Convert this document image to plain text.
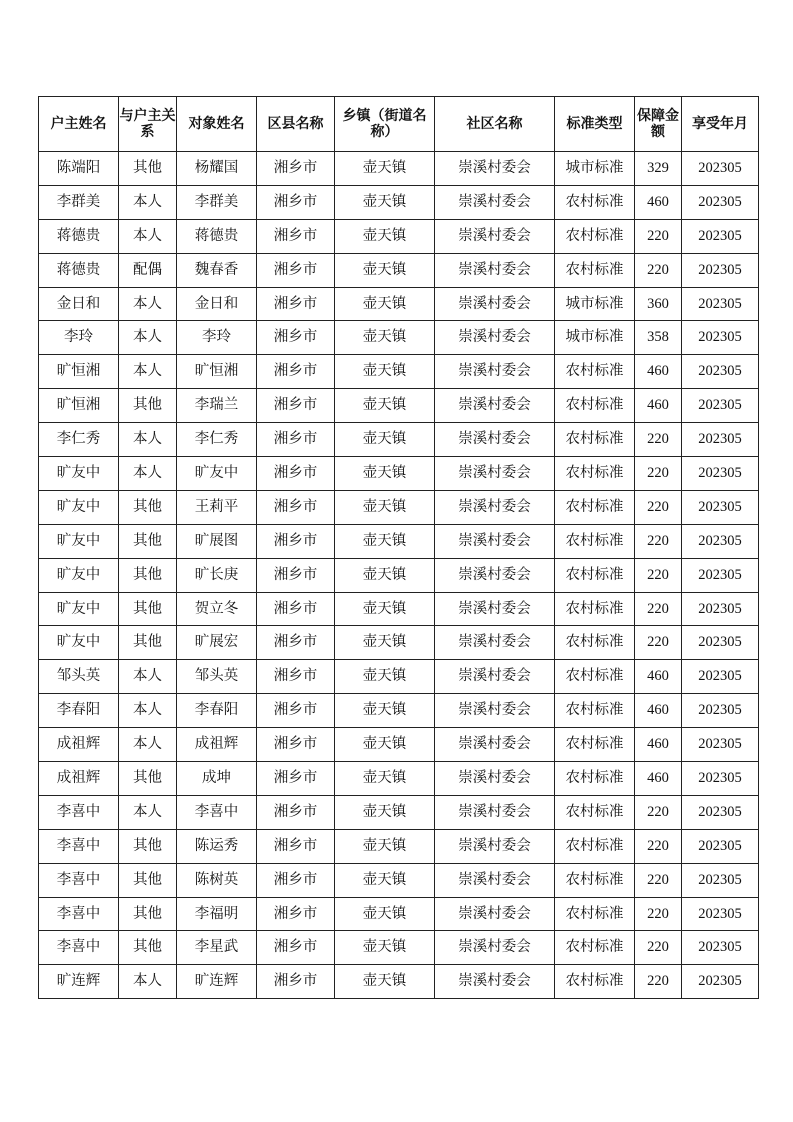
户主姓名	与户主关系	对象姓名	区县名称	乡镇（街道名称）	社区名称	标准类型	保障金额	享受年月
陈端阳	其他	杨耀国	湘乡市	壶天镇	崇溪村委会	城市标准	329	202305
李群美	本人	李群美	湘乡市	壶天镇	崇溪村委会	农村标准	460	202305
蒋德贵	本人	蒋德贵	湘乡市	壶天镇	崇溪村委会	农村标准	220	202305
蒋德贵	配偶	魏春香	湘乡市	壶天镇	崇溪村委会	农村标准	220	202305
金日和	本人	金日和	湘乡市	壶天镇	崇溪村委会	城市标准	360	202305
李玲	本人	李玲	湘乡市	壶天镇	崇溪村委会	城市标准	358	202305
旷恒湘	本人	旷恒湘	湘乡市	壶天镇	崇溪村委会	农村标准	460	202305
旷恒湘	其他	李瑞兰	湘乡市	壶天镇	崇溪村委会	农村标准	460	202305
李仁秀	本人	李仁秀	湘乡市	壶天镇	崇溪村委会	农村标准	220	202305
旷友中	本人	旷友中	湘乡市	壶天镇	崇溪村委会	农村标准	220	202305
旷友中	其他	王莉平	湘乡市	壶天镇	崇溪村委会	农村标准	220	202305
旷友中	其他	旷展图	湘乡市	壶天镇	崇溪村委会	农村标准	220	202305
旷友中	其他	旷长庚	湘乡市	壶天镇	崇溪村委会	农村标准	220	202305
旷友中	其他	贺立冬	湘乡市	壶天镇	崇溪村委会	农村标准	220	202305
旷友中	其他	旷展宏	湘乡市	壶天镇	崇溪村委会	农村标准	220	202305
邹头英	本人	邹头英	湘乡市	壶天镇	崇溪村委会	农村标准	460	202305
李春阳	本人	李春阳	湘乡市	壶天镇	崇溪村委会	农村标准	460	202305
成祖辉	本人	成祖辉	湘乡市	壶天镇	崇溪村委会	农村标准	460	202305
成祖辉	其他	成坤	湘乡市	壶天镇	崇溪村委会	农村标准	460	202305
李喜中	本人	李喜中	湘乡市	壶天镇	崇溪村委会	农村标准	220	202305
李喜中	其他	陈运秀	湘乡市	壶天镇	崇溪村委会	农村标准	220	202305
李喜中	其他	陈树英	湘乡市	壶天镇	崇溪村委会	农村标准	220	202305
李喜中	其他	李福明	湘乡市	壶天镇	崇溪村委会	农村标准	220	202305
李喜中	其他	李星武	湘乡市	壶天镇	崇溪村委会	农村标准	220	202305
旷连辉	本人	旷连辉	湘乡市	壶天镇	崇溪村委会	农村标准	220	202305
